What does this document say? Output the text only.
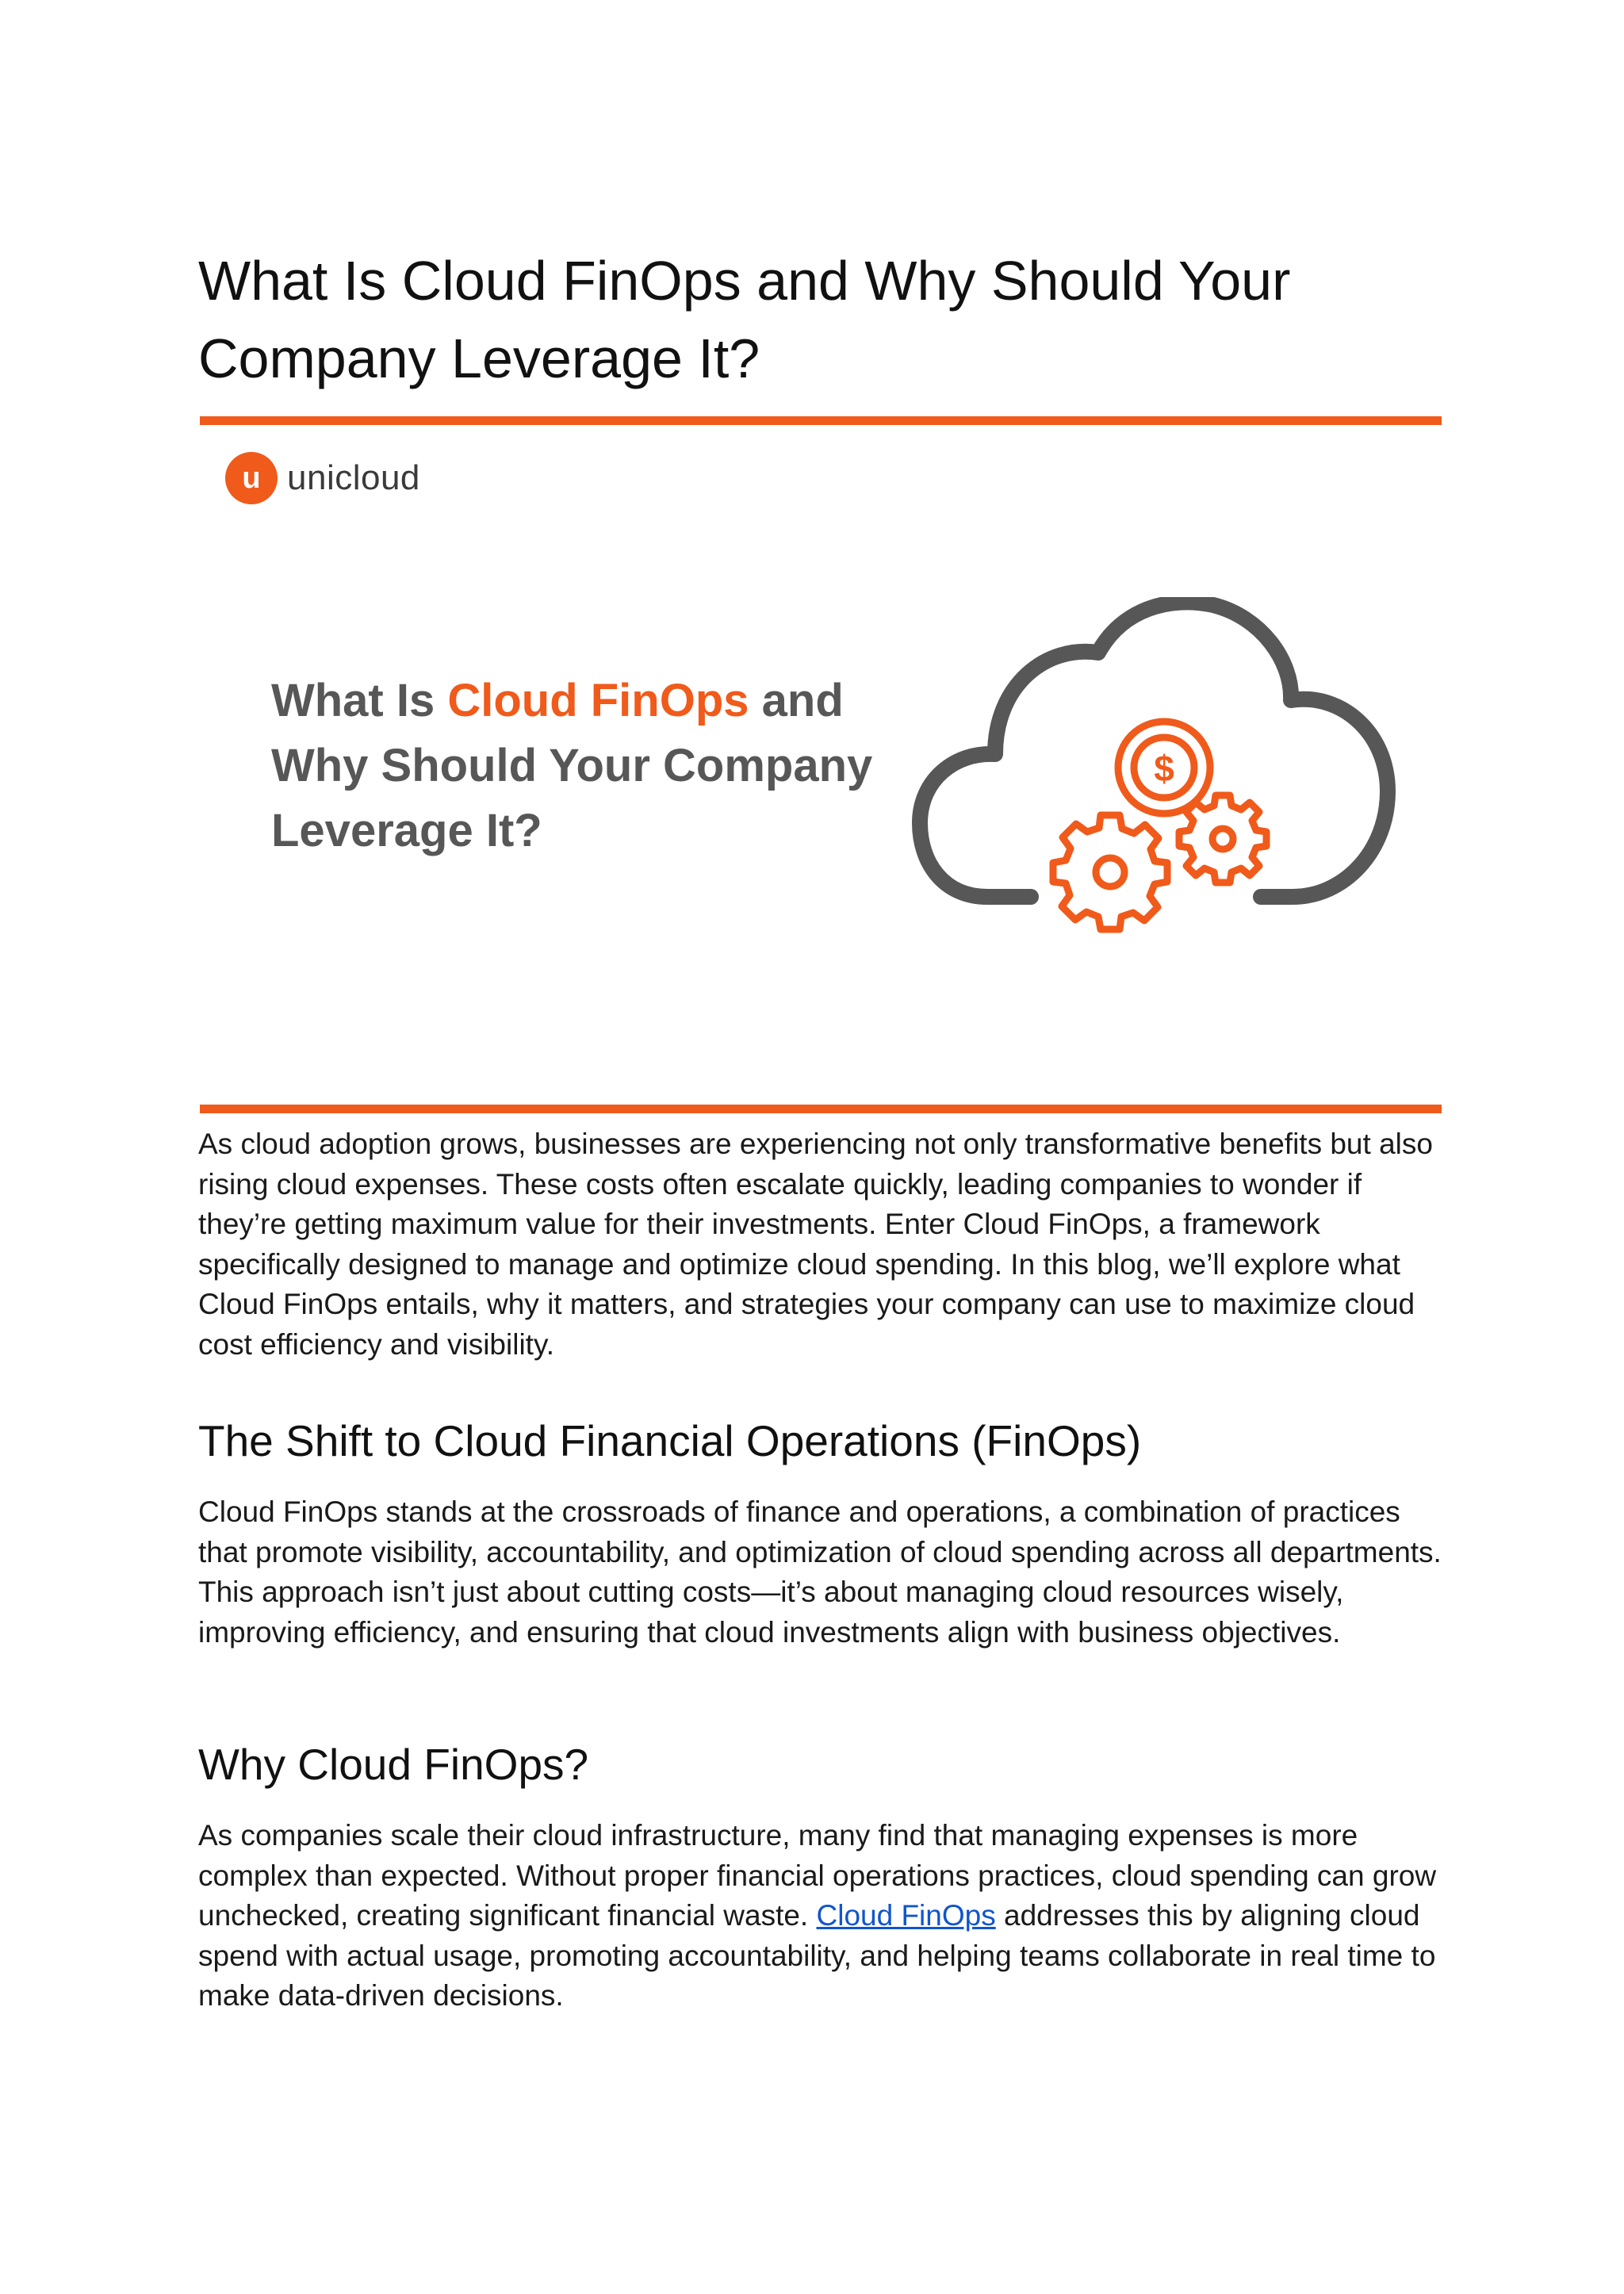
What Is Cloud FinOps and Why Should Your Company Leverage It?
u unicloud
What Is Cloud FinOps and Why Should Your Company Leverage It?
$

As cloud adoption grows, businesses are experiencing not only transformative benefits but also rising cloud expenses. These costs often escalate quickly, leading companies to wonder if they’re getting maximum value for their investments. Enter Cloud FinOps, a framework specifically designed to manage and optimize cloud spending. In this blog, we’ll explore what Cloud FinOps entails, why it matters, and strategies your company can use to maximize cloud cost efficiency and visibility.

The Shift to Cloud Financial Operations (FinOps)

Cloud FinOps stands at the crossroads of finance and operations, a combination of practices that promote visibility, accountability, and optimization of cloud spending across all departments. This approach isn’t just about cutting costs—it’s about managing cloud resources wisely, improving efficiency, and ensuring that cloud investments align with business objectives.

Why Cloud FinOps?

As companies scale their cloud infrastructure, many find that managing expenses is more complex than expected. Without proper financial operations practices, cloud spending can grow unchecked, creating significant financial waste. Cloud FinOps addresses this by aligning cloud spend with actual usage, promoting accountability, and helping teams collaborate in real time to make data-driven decisions.
